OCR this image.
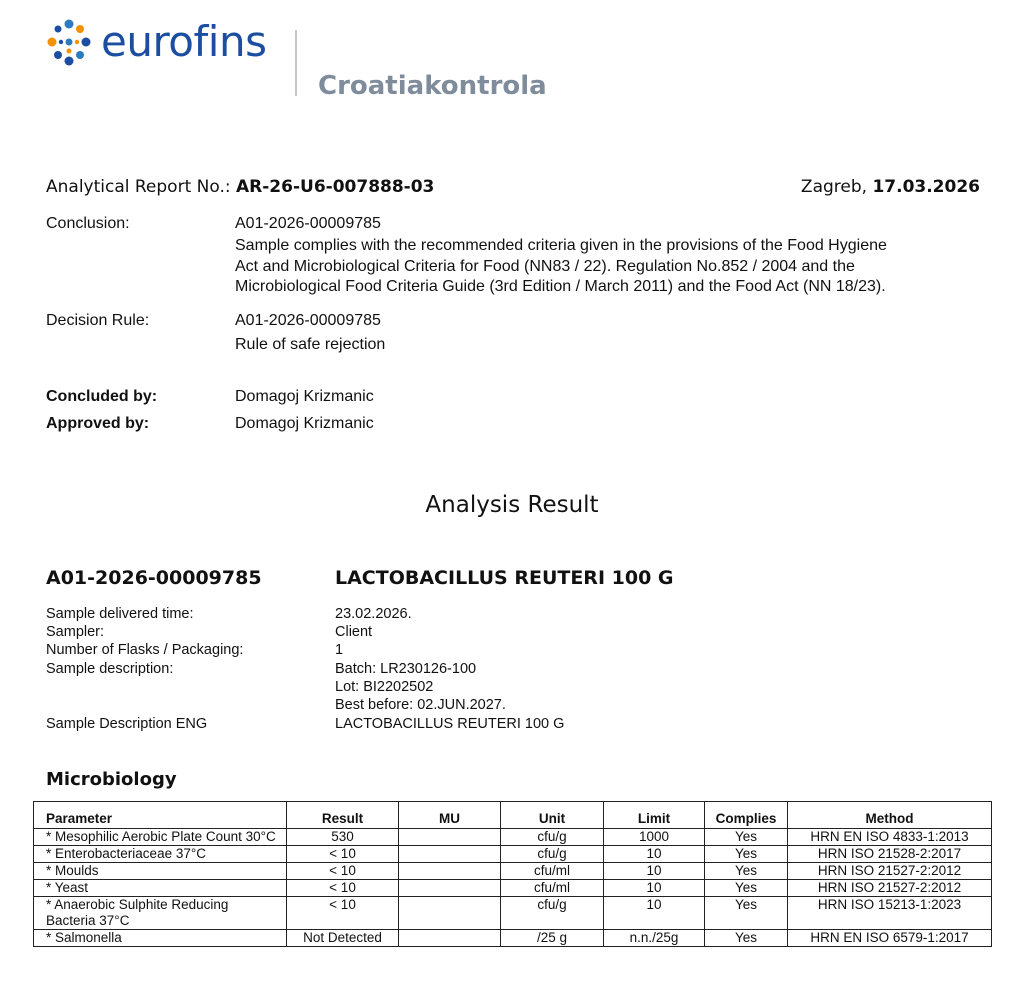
eurofins
Croatiakontrola
Analytical Report No.: AR-26-U6-007888-03	Zagreb, 17.03.2026
Conclusion:	A01-2026-00009785
Sample complies with the recommended criteria given in the provisions of the Food Hygiene
Act and Microbiological Criteria for Food (NN83 / 22). Regulation No.852 / 2004 and the
Microbiological Food Criteria Guide (3rd Edition / March 2011) and the Food Act (NN 18/23).
Decision Rule:	A01-2026-00009785
Rule of safe rejection
Concluded by:	Domagoj Krizmanic
Approved by:	Domagoj Krizmanic
Analysis Result
A01-2026-00009785	LACTOBACILLUS REUTERI 100 G
Sample delivered time:	23.02.2026.
Sampler:	Client
Number of Flasks / Packaging:	1
Sample description:	Batch: LR230126-100
Lot: BI2202502
Best before: 02.JUN.2027.
Sample Description ENG	LACTOBACILLUS REUTERI 100 G
Microbiology
Parameter	Result	MU	Unit	Limit	Complies	Method
* Mesophilic Aerobic Plate Count 30°C	530		cfu/g	1000	Yes	HRN EN ISO 4833-1:2013
* Enterobacteriaceae 37°C	< 10		cfu/g	10	Yes	HRN ISO 21528-2:2017
* Moulds	< 10		cfu/ml	10	Yes	HRN ISO 21527-2:2012
* Yeast	< 10		cfu/ml	10	Yes	HRN ISO 21527-2:2012
* Anaerobic Sulphite Reducing Bacteria 37°C	< 10		cfu/g	10	Yes	HRN ISO 15213-1:2023
* Salmonella	Not Detected		/25 g	n.n./25g	Yes	HRN EN ISO 6579-1:2017
